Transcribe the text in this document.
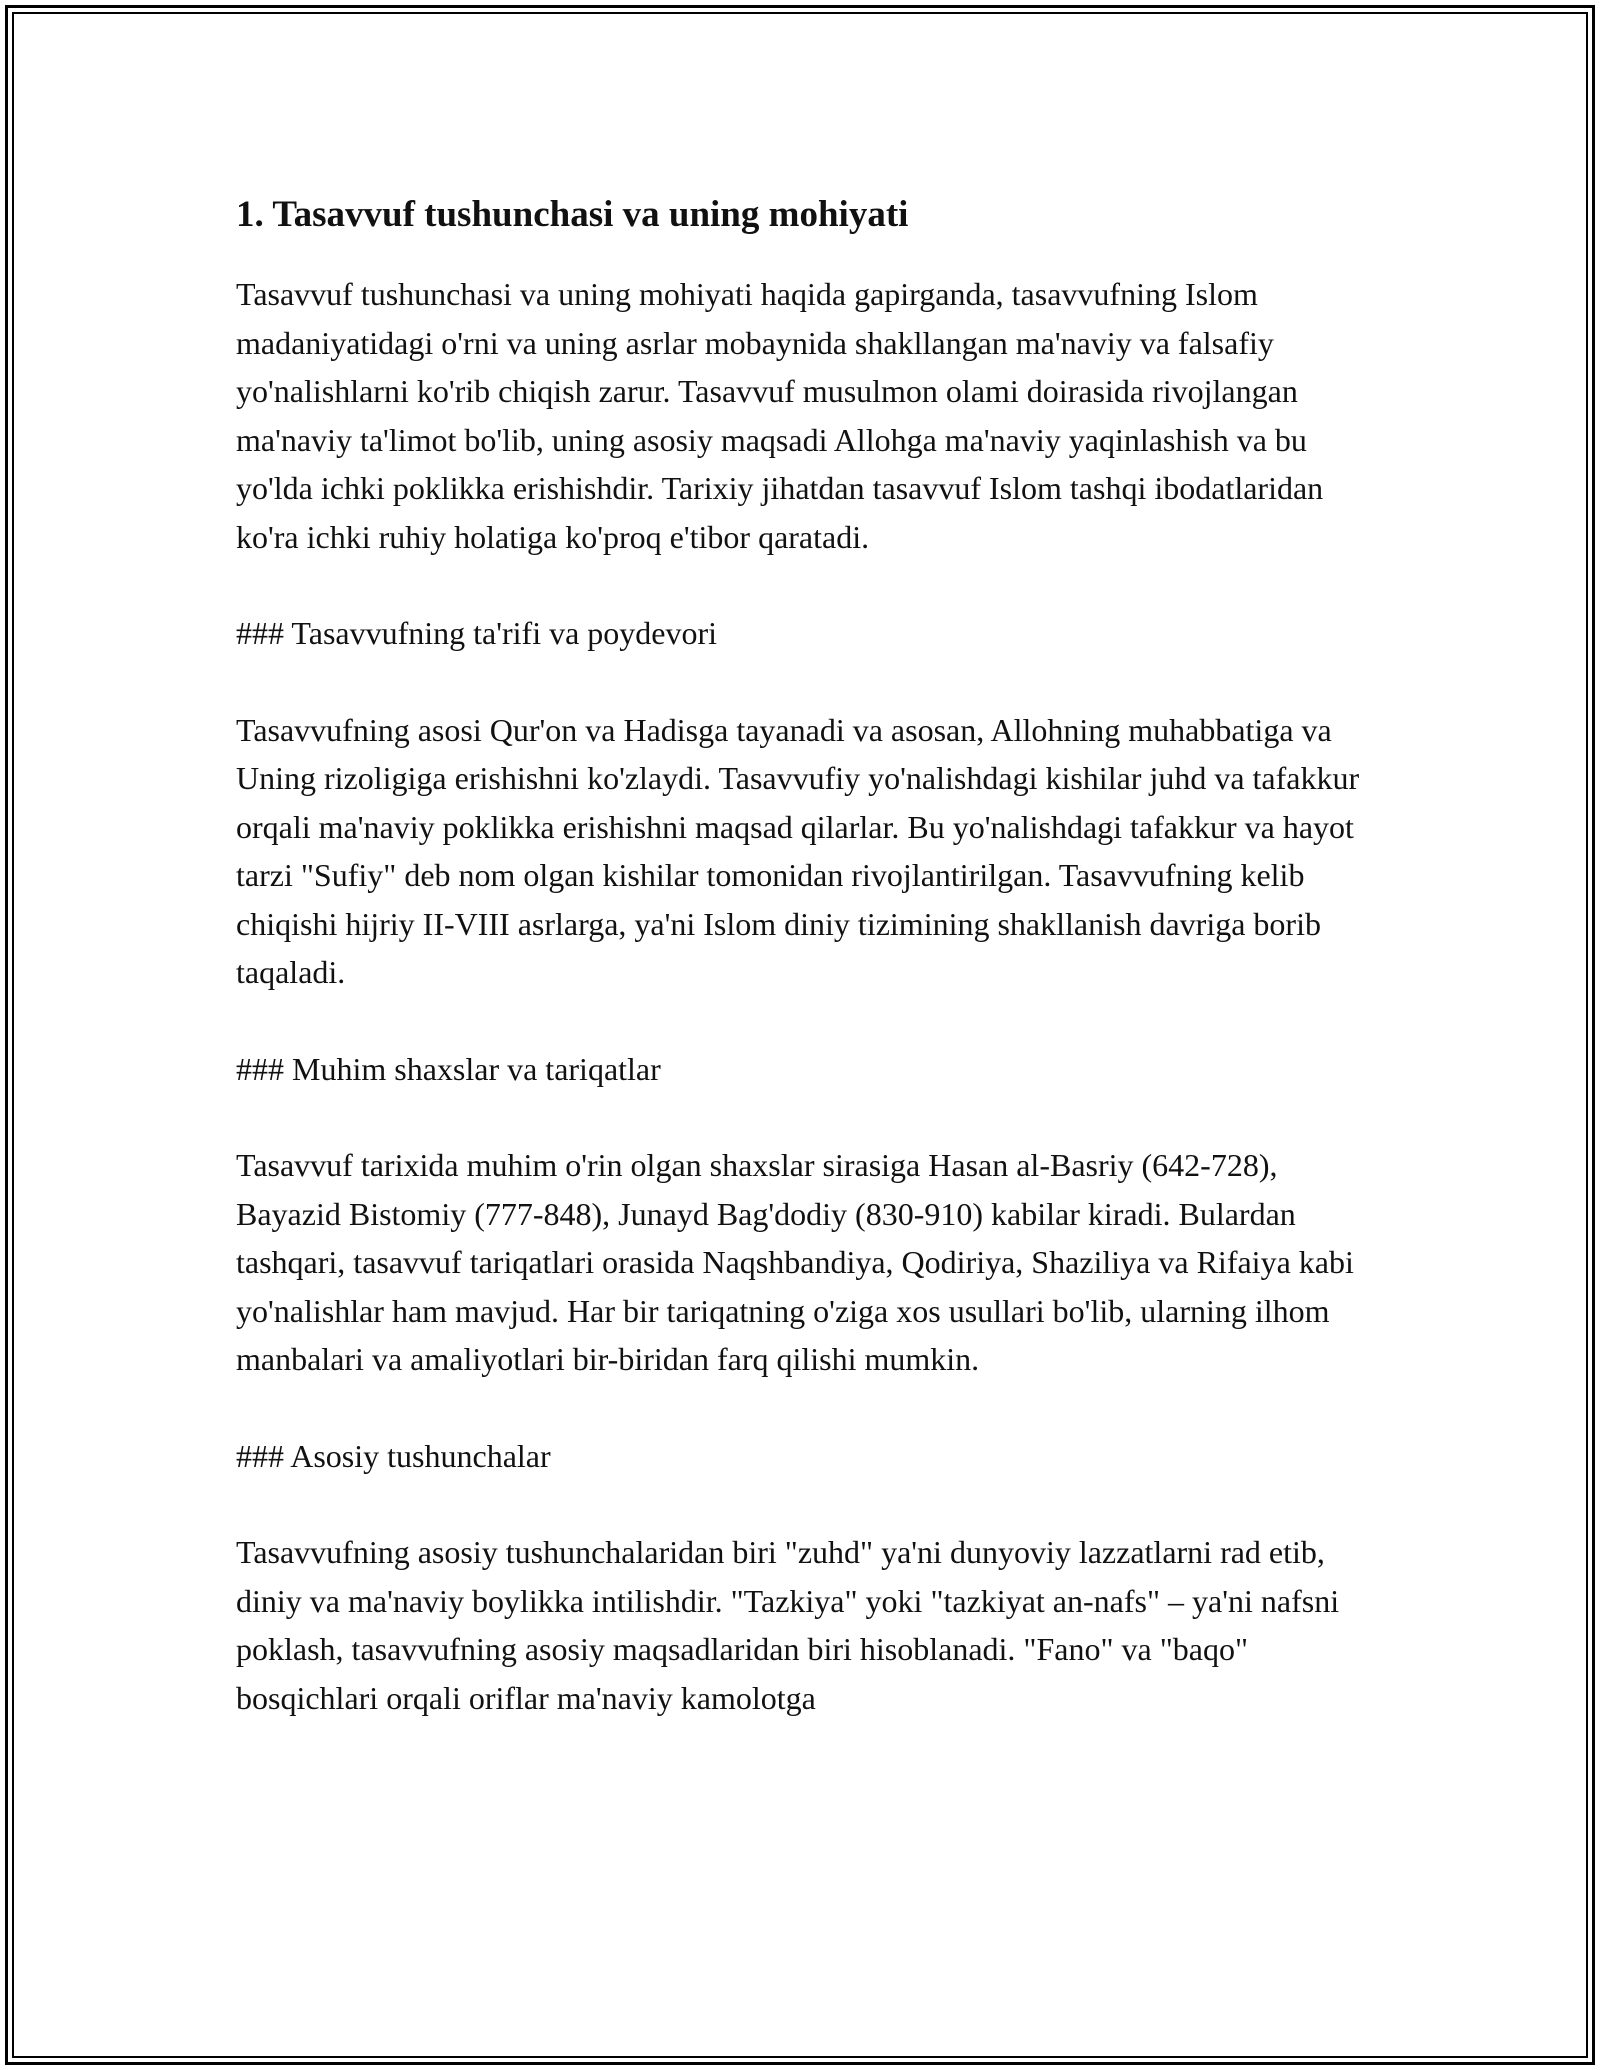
1. Tasavvuf tushunchasi va uning mohiyati

Tasavvuf tushunchasi va uning mohiyati haqida gapirganda, tasavvufning Islom madaniyatidagi o'rni va uning asrlar mobaynida shakllangan ma'naviy va falsafiy yo'nalishlarni ko'rib chiqish zarur. Tasavvuf musulmon olami doirasida rivojlangan ma'naviy ta'limot bo'lib, uning asosiy maqsadi Allohga ma'naviy yaqinlashish va bu yo'lda ichki poklikka erishishdir. Tarixiy jihatdan tasavvuf Islom tashqi ibodatlaridan ko'ra ichki ruhiy holatiga ko'proq e'tibor qaratadi.

### Tasavvufning ta'rifi va poydevori

Tasavvufning asosi Qur'on va Hadisga tayanadi va asosan, Allohning muhabbatiga va Uning rizoligiga erishishni ko'zlaydi. Tasavvufiy yo'nalishdagi kishilar juhd va tafakkur orqali ma'naviy poklikka erishishni maqsad qilarlar. Bu yo'nalishdagi tafakkur va hayot tarzi "Sufiy" deb nom olgan kishilar tomonidan rivojlantirilgan. Tasavvufning kelib chiqishi hijriy II-VIII asrlarga, ya'ni Islom diniy tizimining shakllanish davriga borib taqaladi.

### Muhim shaxslar va tariqatlar

Tasavvuf tarixida muhim o'rin olgan shaxslar sirasiga Hasan al-Basriy (642-728), Bayazid Bistomiy (777-848), Junayd Bag'dodiy (830-910) kabilar kiradi. Bulardan tashqari, tasavvuf tariqatlari orasida Naqshbandiya, Qodiriya, Shaziliya va Rifaiya kabi yo'nalishlar ham mavjud. Har bir tariqatning o'ziga xos usullari bo'lib, ularning ilhom manbalari va amaliyotlari bir-biridan farq qilishi mumkin.

### Asosiy tushunchalar

Tasavvufning asosiy tushunchalaridan biri "zuhd" ya'ni dunyoviy lazzatlarni rad etib, diniy va ma'naviy boylikka intilishdir. "Tazkiya" yoki "tazkiyat an-nafs" – ya'ni nafsni poklash, tasavvufning asosiy maqsadlaridan biri hisoblanadi. "Fano" va "baqo" bosqichlari orqali oriflar ma'naviy kamolotga
